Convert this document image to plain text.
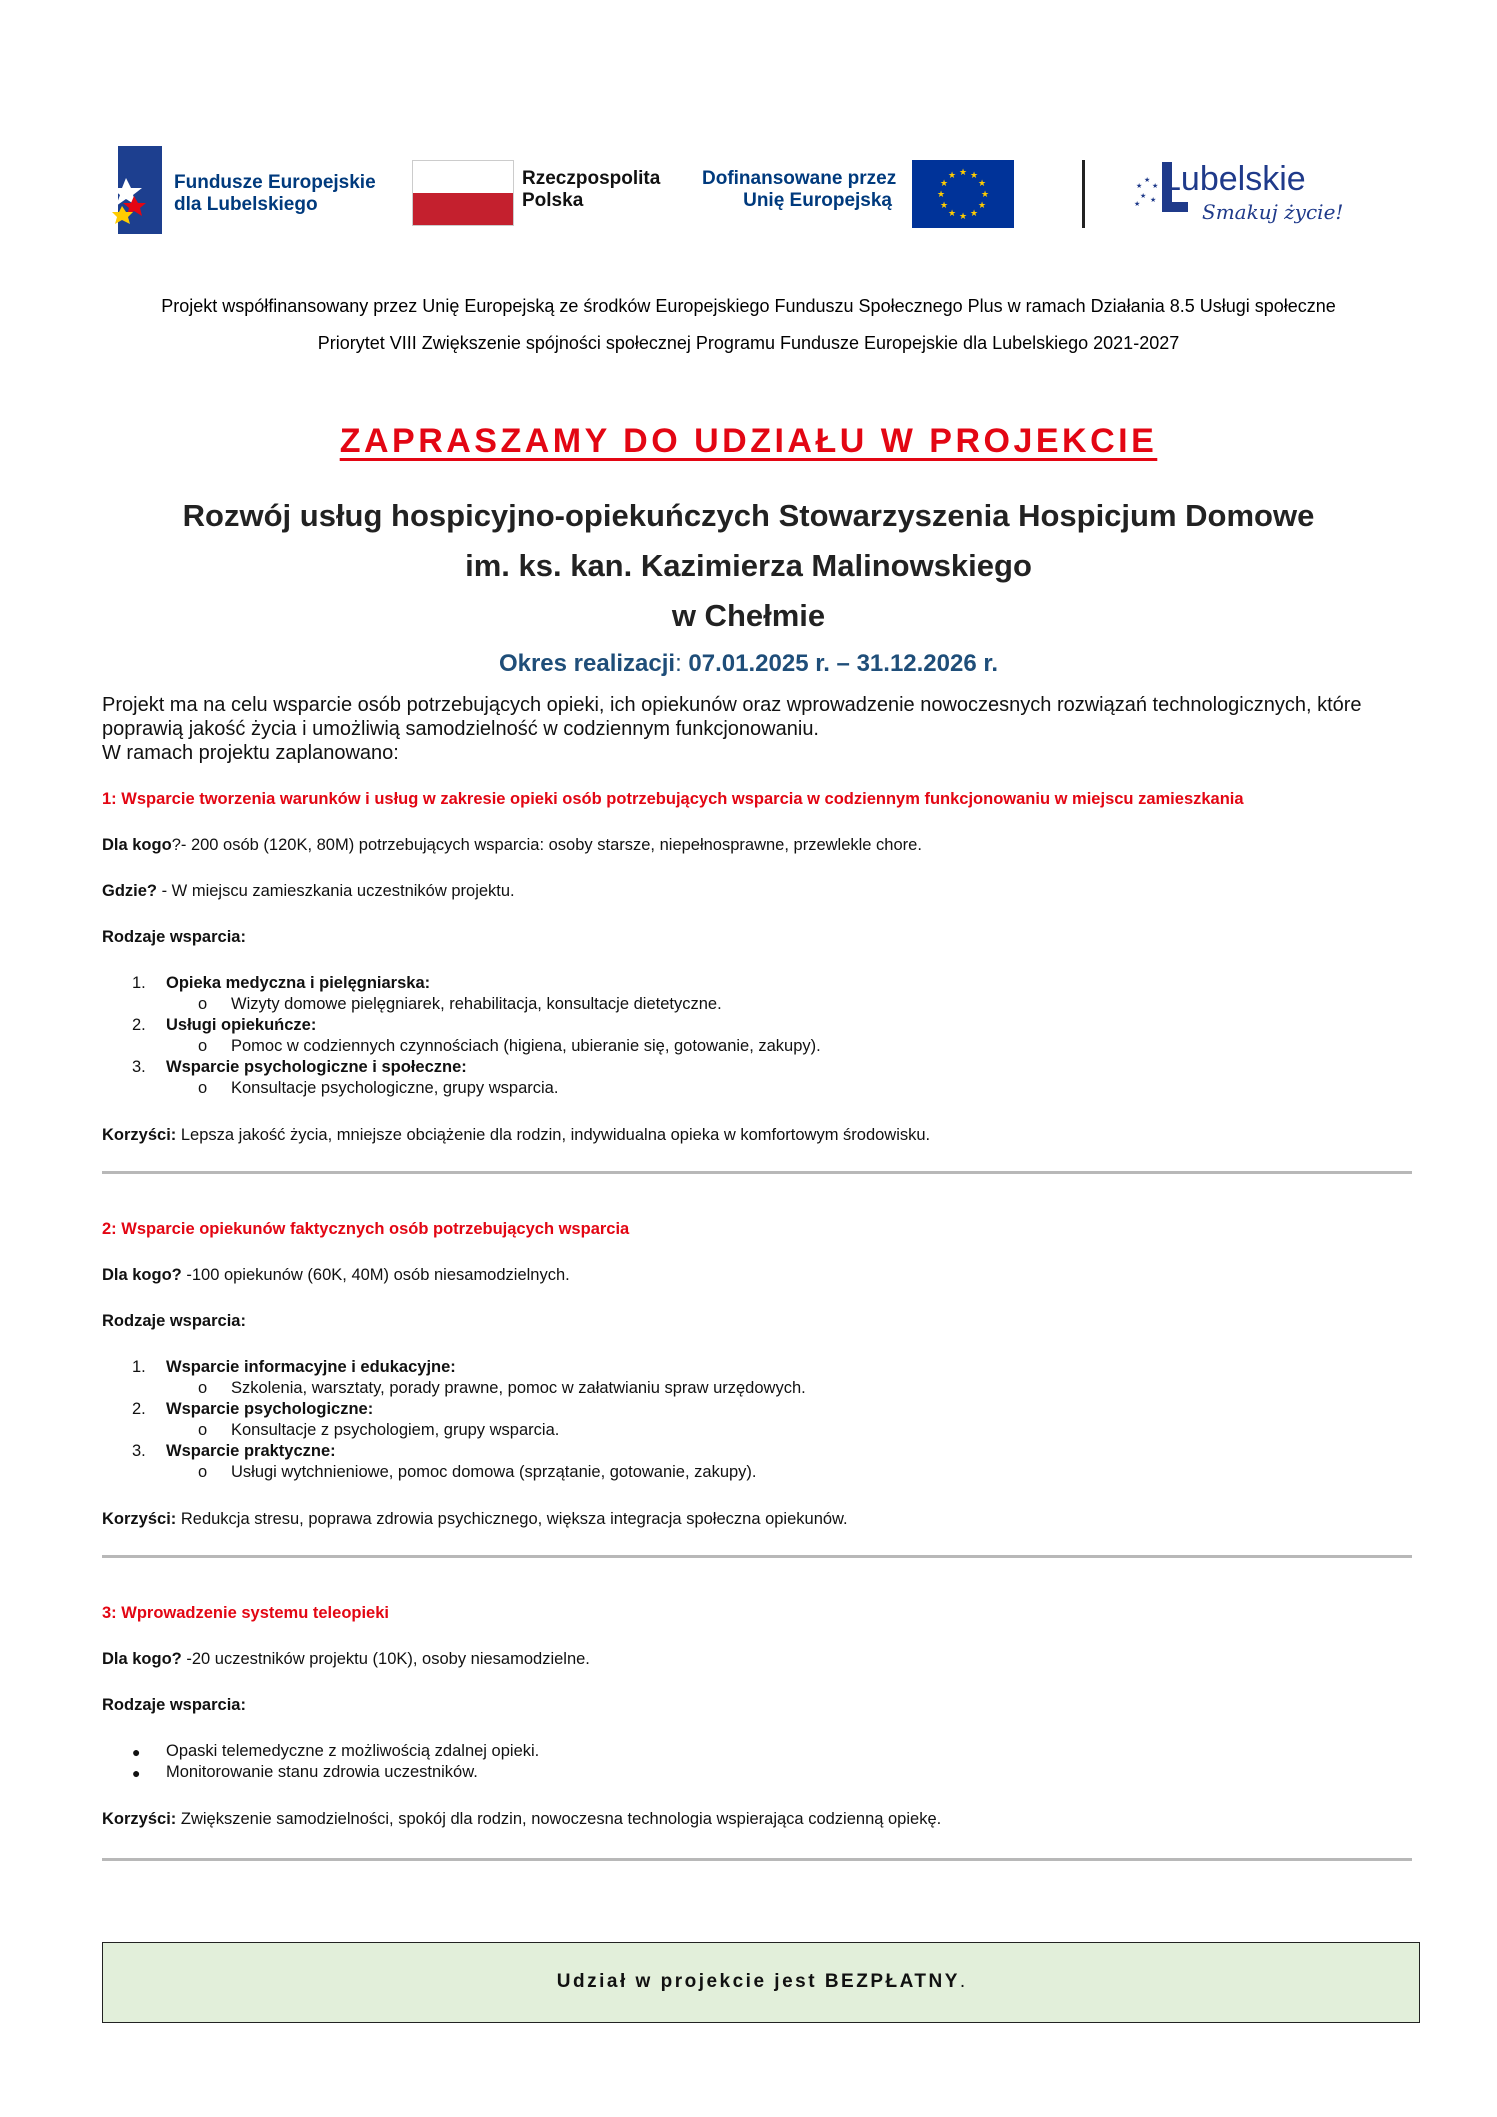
Fundusze Europejskie
dla Lubelskiego
Rzeczpospolita
Polska
Dofinansowane przez
Unię Europejską
★ ★
★
★
★
★
★
★
★
★
★
★
★
★
★
★ ★
★
Lubelskie
Smakuj życie!
Projekt współfinansowany przez Unię Europejską ze środków Europejskiego Funduszu Społecznego Plus w ramach Działania 8.5 Usługi społeczne
Priorytet VIII Zwiększenie spójności społecznej Programu Fundusze Europejskie dla Lubelskiego 2021-2027
ZAPRASZAMY DO UDZIAŁU W PROJEKCIE
Rozwój usług hospicyjno-opiekuńczych Stowarzyszenia Hospicjum Domowe
im. ks. kan. Kazimierza Malinowskiego
w Chełmie
Okres realizacji: 07.01.2025 r. – 31.12.2026 r.

Projekt ma na celu wsparcie osób potrzebujących opieki, ich opiekunów oraz wprowadzenie nowoczesnych rozwiązań technologicznych, które poprawią jakość życia i umożliwią samodzielność w codziennym funkcjonowaniu.

W ramach projektu zaplanowano:

1: Wsparcie tworzenia warunków i usług w zakresie opieki osób potrzebujących wsparcia w codziennym funkcjonowaniu w miejscu zamieszkania
Dla kogo?- 200 osób (120K, 80M) potrzebujących wsparcia: osoby starsze, niepełnosprawne, przewlekle chore.
Gdzie? - W miejscu zamieszkania uczestników projektu.
Rodzaje wsparcia:
1. Opieka medyczna i pielęgniarska:
o Wizyty domowe pielęgniarek, rehabilitacja, konsultacje dietetyczne.
2. Usługi opiekuńcze:
o Pomoc w codziennych czynnościach (higiena, ubieranie się, gotowanie, zakupy).
3. Wsparcie psychologiczne i społeczne:
o Konsultacje psychologiczne, grupy wsparcia.
Korzyści: Lepsza jakość życia, mniejsze obciążenie dla rodzin, indywidualna opieka w komfortowym środowisku.
2: Wsparcie opiekunów faktycznych osób potrzebujących wsparcia
Dla kogo? -100 opiekunów (60K, 40M) osób niesamodzielnych.
Rodzaje wsparcia:
1. Wsparcie informacyjne i edukacyjne:
o Szkolenia, warsztaty, porady prawne, pomoc w załatwianiu spraw urzędowych.
2. Wsparcie psychologiczne:
o Konsultacje z psychologiem, grupy wsparcia.
3. Wsparcie praktyczne:
o Usługi wytchnieniowe, pomoc domowa (sprzątanie, gotowanie, zakupy).
Korzyści: Redukcja stresu, poprawa zdrowia psychicznego, większa integracja społeczna opiekunów.
3: Wprowadzenie systemu teleopieki
Dla kogo? -20 uczestników projektu (10K), osoby niesamodzielne.
Rodzaje wsparcia:
● Opaski telemedyczne z możliwością zdalnej opieki.
● Monitorowanie stanu zdrowia uczestników.
Korzyści: Zwiększenie samodzielności, spokój dla rodzin, nowoczesna technologia wspierająca codzienną opiekę.
Udział w projekcie jest BEZPŁATNY.
